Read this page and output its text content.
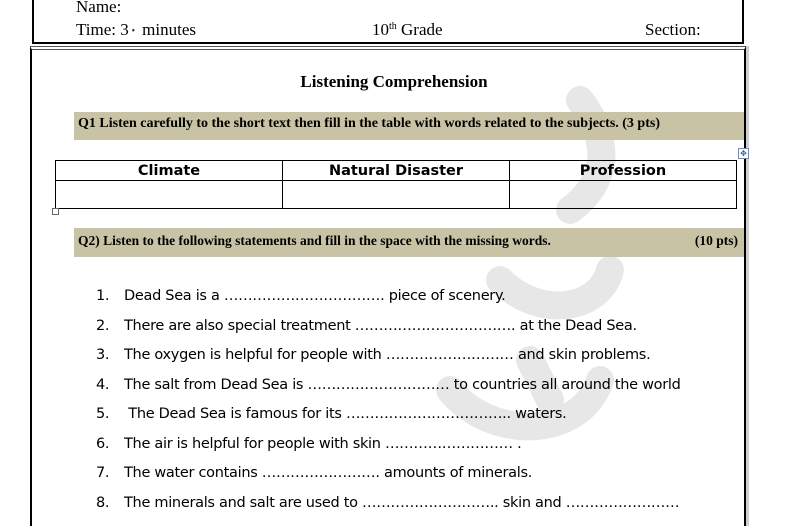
Name:
Time: 3٠ minutes	10th Grade	Section:
Listening Comprehension
Q1 Listen carefully to the short text then fill in the table with words related to the subjects. (3 pts)
✥
Climate	Natural Disaster	Profession

Q2) Listen to the following statements and fill in the space with the missing words.	(10 pts)
1. Dead Sea is a ……………………………. piece of scenery.
2. There are also special treatment ……………………………. at the Dead Sea.
3. The oxygen is helpful for people with ……………………… and skin problems.
4. The salt from Dead Sea is ………………………… to countries all around the world
5. The Dead Sea is famous for its …………………………….. waters.
6. The air is helpful for people with skin ……………………… .
7. The water contains ……………………. amounts of minerals.
8. The minerals and salt are used to ……………………….. skin and ……………………
